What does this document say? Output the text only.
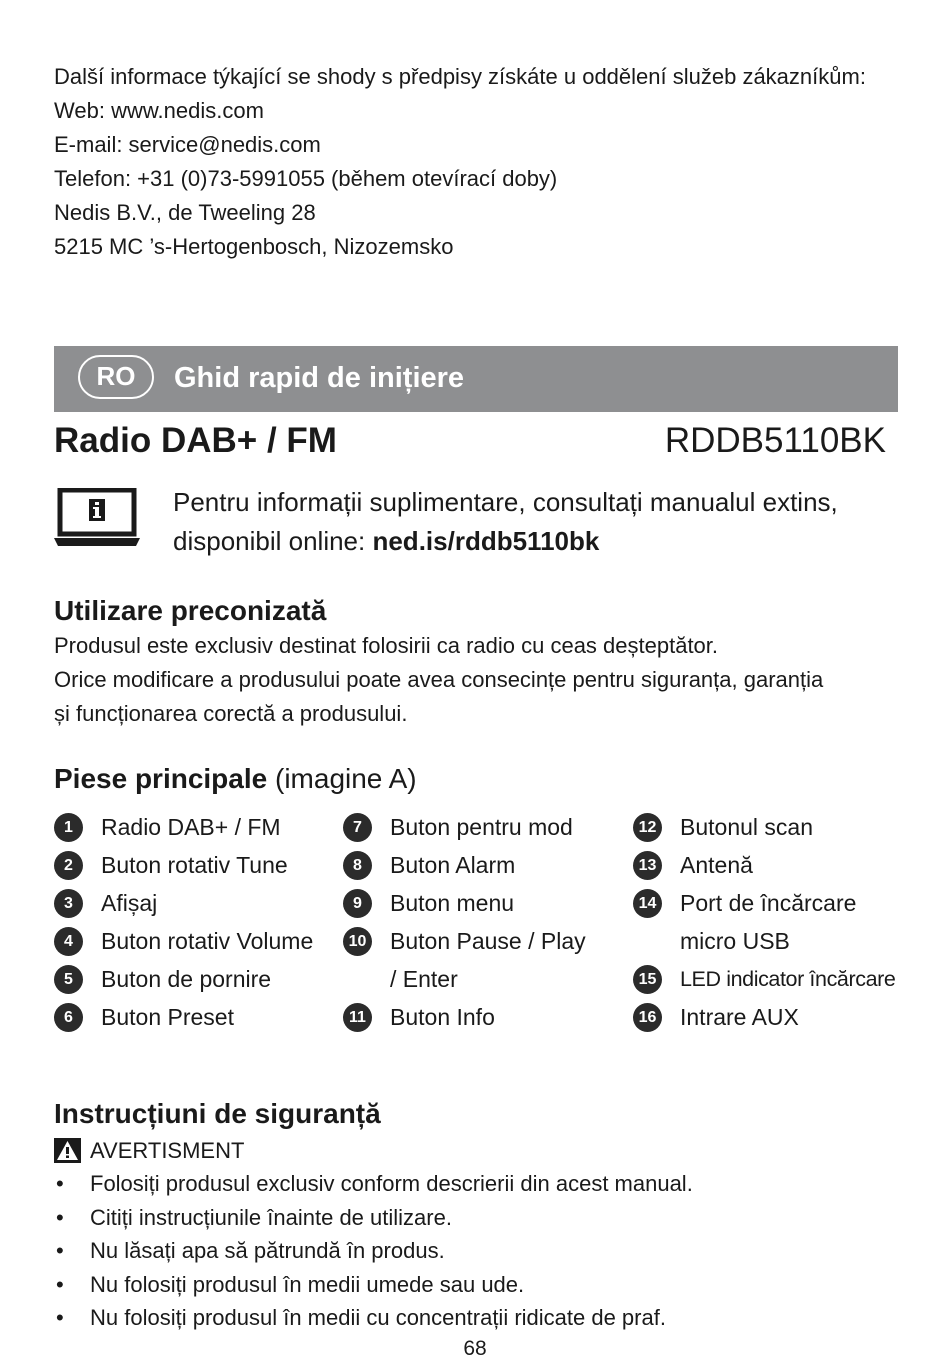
Další informace týkající se shody s předpisy získáte u oddělení služeb zákazníkům:
Web: www.nedis.com
E-mail: service@nedis.com
Telefon: +31 (0)73-5991055 (během otevírací doby)
Nedis B.V., de Tweeling 28
5215 MC ’s-Hertogenbosch, Nizozemsko
RO	Ghid rapid de inițiere
Radio DAB+ / FM	RDDB5110BK
Pentru informații suplimentare, consultați manualul extins,
disponibil online: ned.is/rddb5110bk
Utilizare preconizată
Produsul este exclusiv destinat folosirii ca radio cu ceas deșteptător.
Orice modificare a produsului poate avea consecințe pentru siguranța, garanția
și funcționarea corectă a produsului.
Piese principale (imagine A)
1	Radio DAB+ / FM
2	Buton rotativ Tune
3	Afișaj
4	Buton rotativ Volume
5	Buton de pornire
6	Buton Preset
7	Buton pentru mod
8	Buton Alarm
9	Buton menu
10 Buton Pause / Play
/ Enter
11 Buton Info
12 Butonul scan
13 Antenă
14 Port de încărcare
micro USB
15 LED indicator încărcare
16 Intrare AUX
Instrucțiuni de siguranță
AVERTISMENT
• Folosiți produsul exclusiv conform descrierii din acest manual.
• Citiți instrucțiunile înainte de utilizare.
• Nu lăsați apa să pătrundă în produs.
• Nu folosiți produsul în medii umede sau ude.
• Nu folosiți produsul în medii cu concentrații ridicate de praf.
68
